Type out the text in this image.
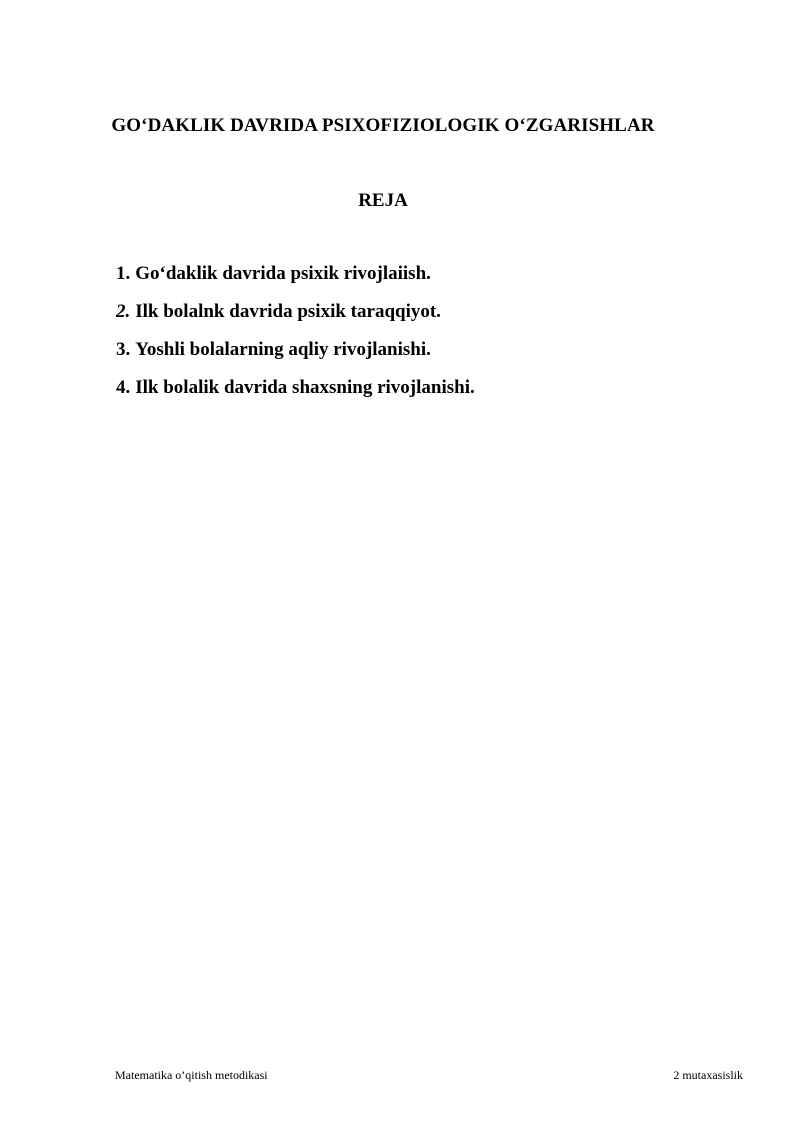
GO‘DAKLIK DAVRIDA PSIXOFIZIOLOGIK O‘ZGARISHLAR
REJA
1. Go‘daklik davrida psixik rivojlaiish.
2. Ilk bolalnk davrida psixik taraqqiyot.
3. Yoshli bolalarning aqliy rivojlanishi.
4. Ilk bolalik davrida shaxsning rivojlanishi.
Matematika o’qitish metodikasi	2 mutaxasislik
